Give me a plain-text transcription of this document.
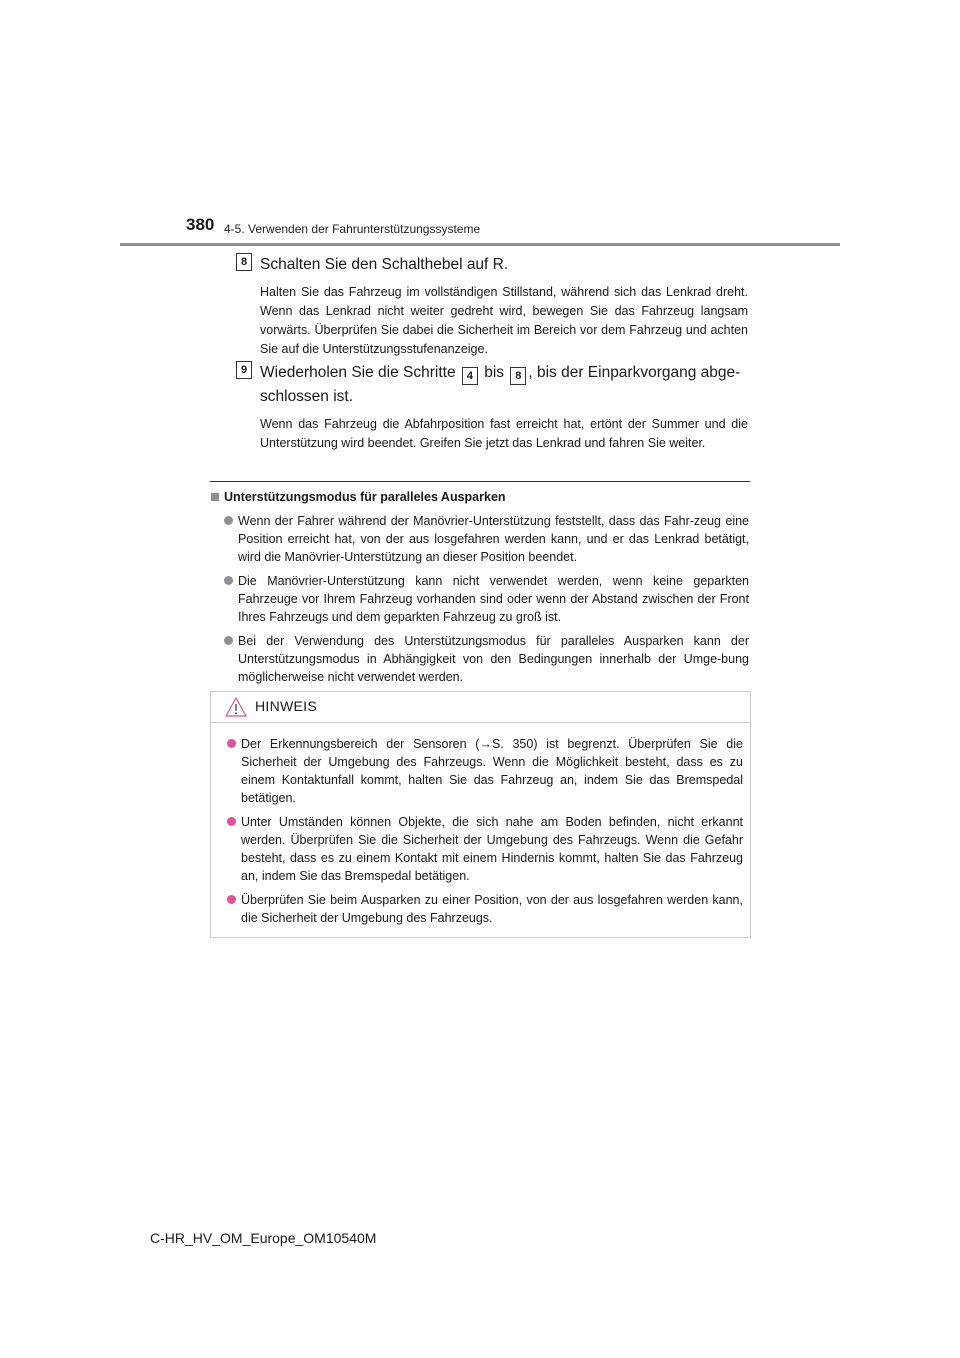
380 4-5. Verwenden der Fahrunterstützungssysteme
8 Schalten Sie den Schalthebel auf R.
Halten Sie das Fahrzeug im vollständigen Stillstand, während sich das Lenkrad dreht. Wenn das Lenkrad nicht weiter gedreht wird, bewegen Sie das Fahrzeug langsam vorwärts. Überprüfen Sie dabei die Sicherheit im Bereich vor dem Fahrzeug und achten Sie auf die Unterstützungsstufenanzeige.
9 Wiederholen Sie die Schritte 4 bis 8 , bis der Einparkvorgang abge-schlossen ist.
Wenn das Fahrzeug die Abfahrposition fast erreicht hat, ertönt der Summer und die Unterstützung wird beendet. Greifen Sie jetzt das Lenkrad und fahren Sie weiter.
Unterstützungsmodus für paralleles Ausparken
Wenn der Fahrer während der Manövrier-Unterstützung feststellt, dass das Fahr-zeug eine Position erreicht hat, von der aus losgefahren werden kann, und er das Lenkrad betätigt, wird die Manövrier-Unterstützung an dieser Position beendet.
Die Manövrier-Unterstützung kann nicht verwendet werden, wenn keine geparkten Fahrzeuge vor Ihrem Fahrzeug vorhanden sind oder wenn der Abstand zwischen der Front Ihres Fahrzeugs und dem geparkten Fahrzeug zu groß ist.
Bei der Verwendung des Unterstützungsmodus für paralleles Ausparken kann der Unterstützungsmodus in Abhängigkeit von den Bedingungen innerhalb der Umge-bung möglicherweise nicht verwendet werden.
HINWEIS
Der Erkennungsbereich der Sensoren (→S. 350) ist begrenzt. Überprüfen Sie die Sicherheit der Umgebung des Fahrzeugs. Wenn die Möglichkeit besteht, dass es zu einem Kontaktunfall kommt, halten Sie das Fahrzeug an, indem Sie das Bremspedal betätigen.
Unter Umständen können Objekte, die sich nahe am Boden befinden, nicht erkannt werden. Überprüfen Sie die Sicherheit der Umgebung des Fahrzeugs. Wenn die Gefahr besteht, dass es zu einem Kontakt mit einem Hindernis kommt, halten Sie das Fahrzeug an, indem Sie das Bremspedal betätigen.
Überprüfen Sie beim Ausparken zu einer Position, von der aus losgefahren werden kann, die Sicherheit der Umgebung des Fahrzeugs.
C-HR_HV_OM_Europe_OM10540M
